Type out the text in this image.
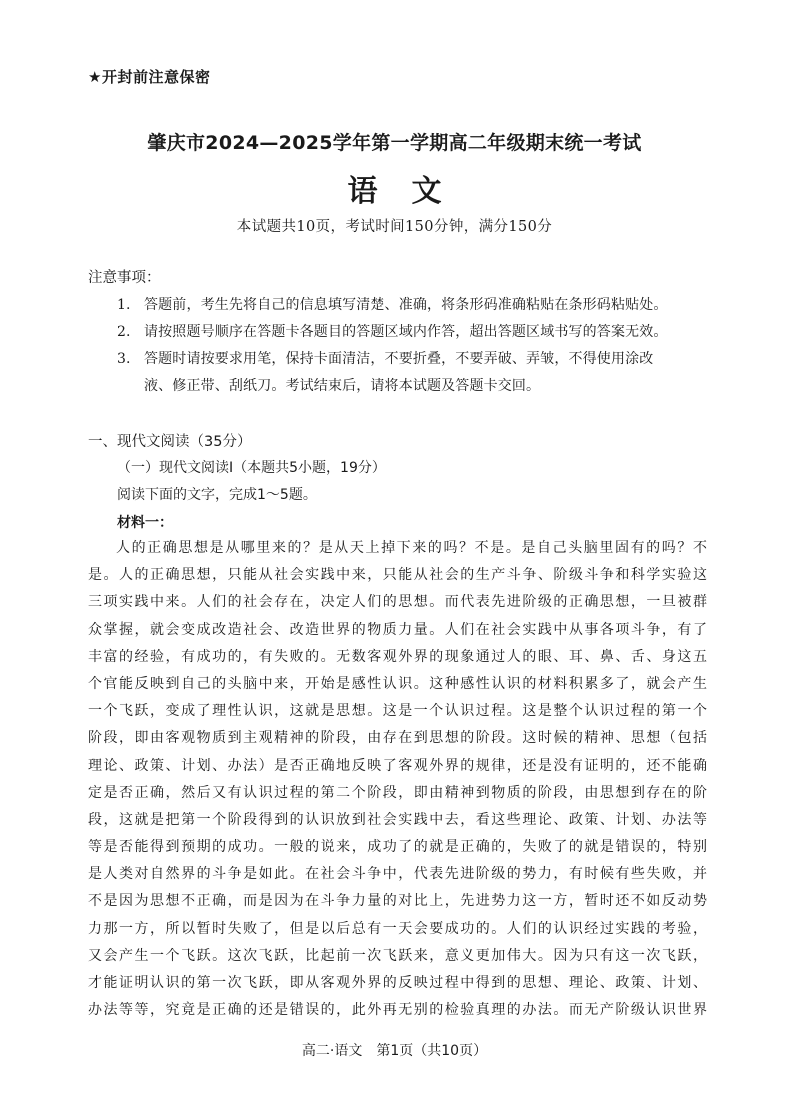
★开封前注意保密
肇庆市2024—2025学年第一学期高二年级期末统一考试
语文
本试题共10页，考试时间150分钟，满分150分
注意事项：
1. 答题前，考生先将自己的信息填写清楚、准确，将条形码准确粘贴在条形码粘贴处。
2. 请按照题号顺序在答题卡各题目的答题区域内作答，超出答题区域书写的答案无效。
3. 答题时请按要求用笔，保持卡面清洁，不要折叠，不要弄破、弄皱，不得使用涂改
液、修正带、刮纸刀。考试结束后，请将本试题及答题卡交回。
一、现代文阅读（35分）
（一）现代文阅读Ⅰ（本题共5小题，19分）
阅读下面的文字，完成1～5题。
材料一：
人的正确思想是从哪里来的？是从天上掉下来的吗？不是。是自己头脑里固有的吗？不
是。人的正确思想，只能从社会实践中来，只能从社会的生产斗争、阶级斗争和科学实验这
三项实践中来。人们的社会存在，决定人们的思想。而代表先进阶级的正确思想，一旦被群
众掌握，就会变成改造社会、改造世界的物质力量。人们在社会实践中从事各项斗争，有了
丰富的经验，有成功的，有失败的。无数客观外界的现象通过人的眼、耳、鼻、舌、身这五
个官能反映到自己的头脑中来，开始是感性认识。这种感性认识的材料积累多了，就会产生
一个飞跃，变成了理性认识，这就是思想。这是一个认识过程。这是整个认识过程的第一个
阶段，即由客观物质到主观精神的阶段，由存在到思想的阶段。这时候的精神、思想（包括
理论、政策、计划、办法）是否正确地反映了客观外界的规律，还是没有证明的，还不能确
定是否正确，然后又有认识过程的第二个阶段，即由精神到物质的阶段，由思想到存在的阶
段，这就是把第一个阶段得到的认识放到社会实践中去，看这些理论、政策、计划、办法等
等是否能得到预期的成功。一般的说来，成功了的就是正确的，失败了的就是错误的，特别
是人类对自然界的斗争是如此。在社会斗争中，代表先进阶级的势力，有时候有些失败，并
不是因为思想不正确，而是因为在斗争力量的对比上，先进势力这一方，暂时还不如反动势
力那一方，所以暂时失败了，但是以后总有一天会要成功的。人们的认识经过实践的考验，
又会产生一个飞跃。这次飞跃，比起前一次飞跃来，意义更加伟大。因为只有这一次飞跃，
才能证明认识的第一次飞跃，即从客观外界的反映过程中得到的思想、理论、政策、计划、
办法等等，究竟是正确的还是错误的，此外再无别的检验真理的办法。而无产阶级认识世界
高二·语文　第1页（共10页）
